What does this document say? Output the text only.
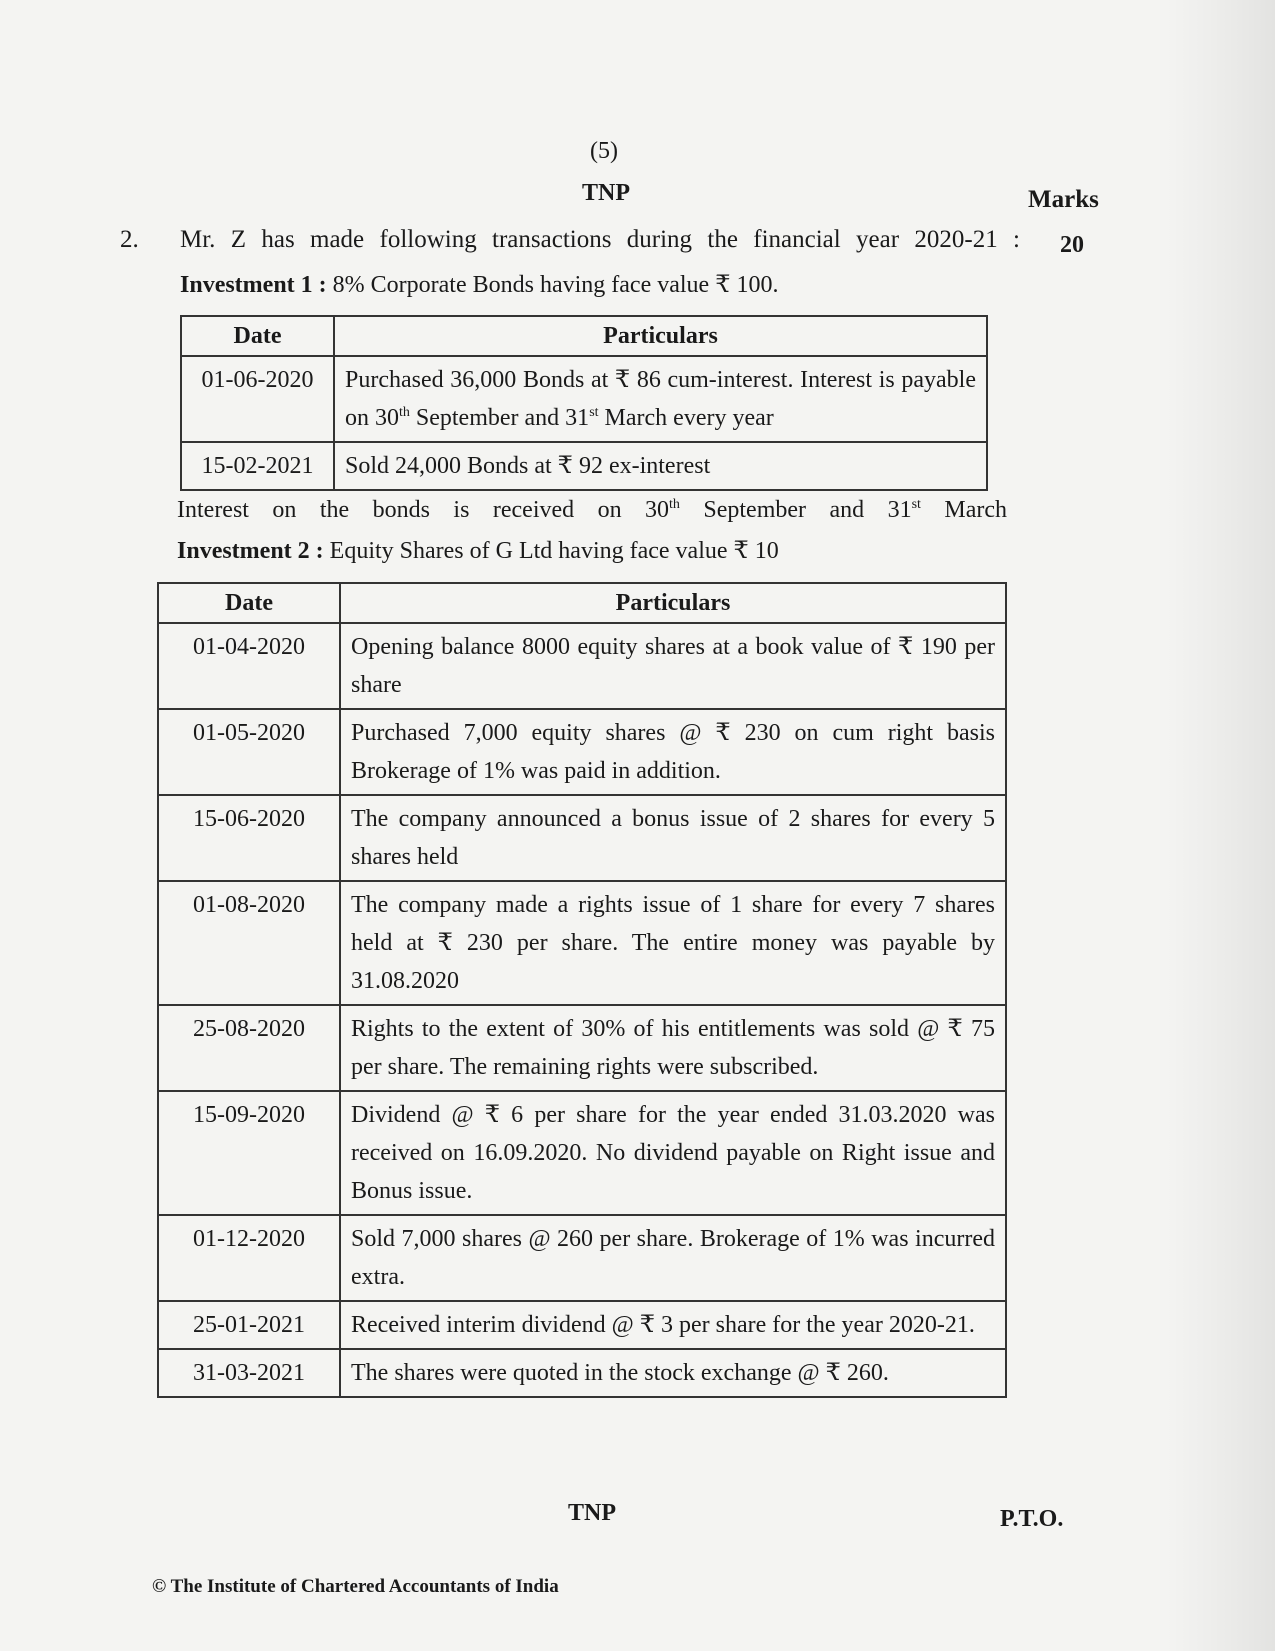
(5)
TNP	Marks
20
2. Mr. Z has made following transactions during the financial year 2020-21 :
Investment 1 : 8% Corporate Bonds having face value ₹ 100.
Date	Particulars
01-06-2020	Purchased 36,000 Bonds at ₹ 86 cum-interest. Interest is payable on 30th September and 31st March every year
15-02-2021	Sold 24,000 Bonds at ₹ 92 ex-interest
Interest on the bonds is received on 30th September and 31st March
Investment 2 : Equity Shares of G Ltd having face value ₹ 10
Date	Particulars
01-04-2020	Opening balance 8000 equity shares at a book value of ₹ 190 per share
01-05-2020	Purchased 7,000 equity shares @ ₹ 230 on cum right basis Brokerage of 1% was paid in addition.
15-06-2020	The company announced a bonus issue of 2 shares for every 5 shares held
01-08-2020	The company made a rights issue of 1 share for every 7 shares held at ₹ 230 per share. The entire money was payable by 31.08.2020
25-08-2020	Rights to the extent of 30% of his entitlements was sold @ ₹ 75 per share. The remaining rights were subscribed.
15-09-2020	Dividend @ ₹ 6 per share for the year ended 31.03.2020 was received on 16.09.2020. No dividend payable on Right issue and Bonus issue.
01-12-2020	Sold 7,000 shares @ 260 per share. Brokerage of 1% was incurred extra.
25-01-2021	Received interim dividend @ ₹ 3 per share for the year 2020-21.
31-03-2021	The shares were quoted in the stock exchange @ ₹ 260.
TNP	P.T.O.
© The Institute of Chartered Accountants of India
